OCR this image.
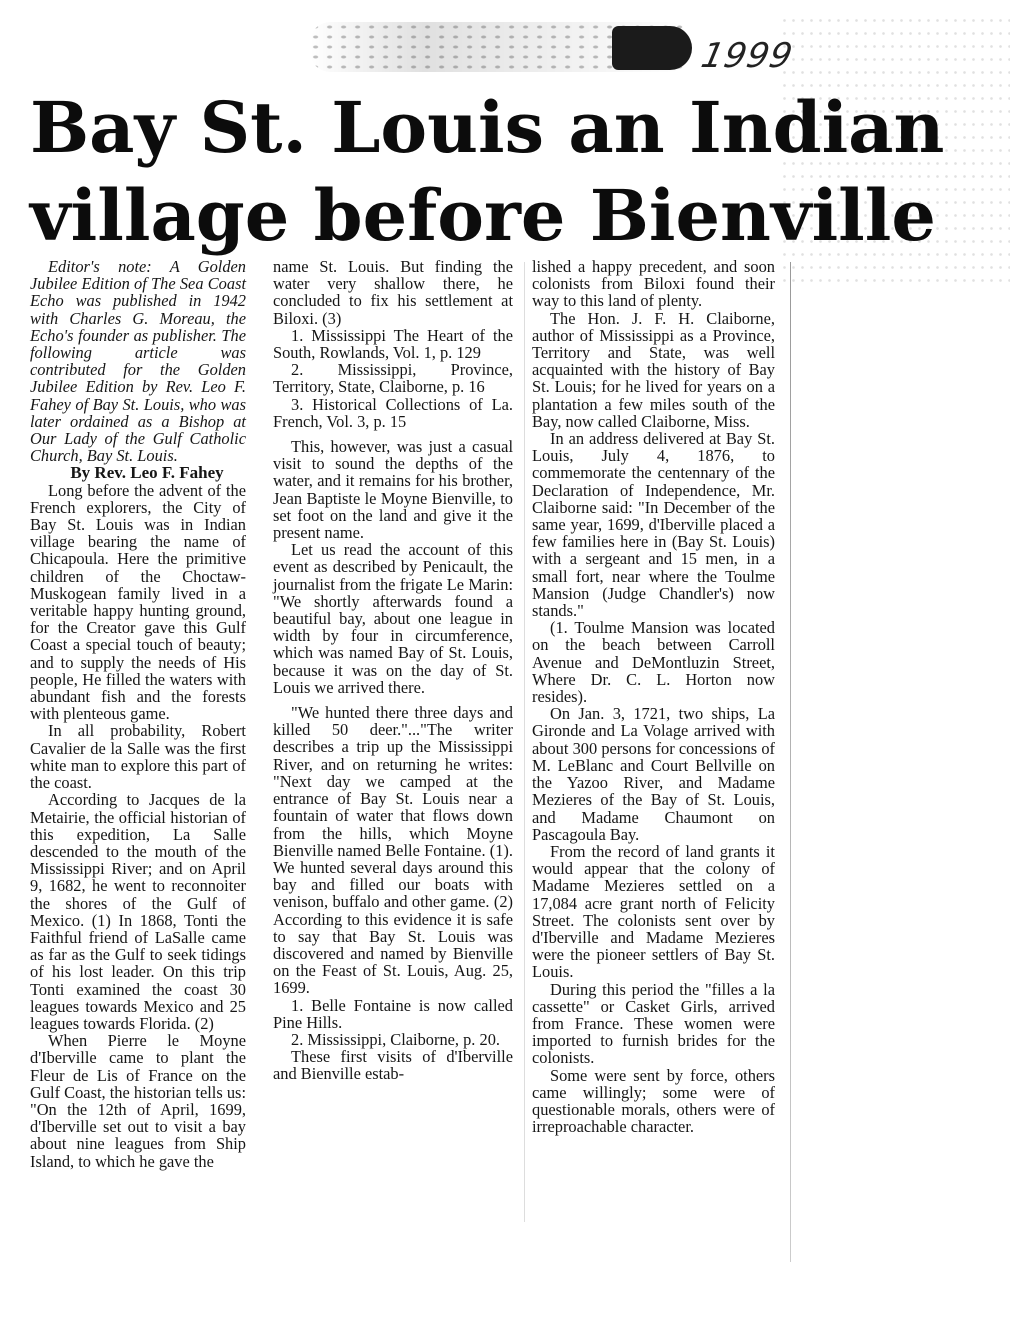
1999
Bay St. Louis an Indian
village before Bienville

Editor's note: A Golden Jubilee Edition of The Sea Coast Echo was published in 1942 with Charles G. Moreau, the Echo's founder as publisher. The following article was contributed for the Golden Jubilee Edition by Rev. Leo F. Fahey of Bay St. Louis, who was later ordained as a Bishop at Our Lady of the Gulf Catholic Church, Bay St. Louis.

By Rev. Leo F. Fahey

Long before the advent of the French explorers, the City of Bay St. Louis was in Indian village bearing the name of Chicapoula. Here the primitive children of the Choctaw-Muskogean family lived in a veritable happy hunting ground, for the Creator gave this Gulf Coast a special touch of beauty; and to supply the needs of His people, He filled the waters with abundant fish and the forests with plenteous game.

In all probability, Robert Cavalier de la Salle was the first white man to explore this part of the coast.

According to Jacques de la Metairie, the official historian of this expedition, La Salle descended to the mouth of the Mississippi River; and on April 9, 1682, he went to reconnoiter the shores of the Gulf of Mexico. (1) In 1868, Tonti the Faithful friend of LaSalle came as far as the Gulf to seek tidings of his lost leader. On this trip Tonti examined the coast 30 leagues towards Mexico and 25 leagues towards Florida. (2)

When Pierre le Moyne d'Iberville came to plant the Fleur de Lis of France on the Gulf Coast, the historian tells us: "On the 12th of April, 1699, d'Iberville set out to visit a bay about nine leagues from Ship Island, to which he gave the

name St. Louis. But finding the water very shallow there, he concluded to fix his settlement at Biloxi. (3)

1. Mississippi The Heart of the South, Rowlands, Vol. 1, p. 129

2. Mississippi, Province, Territory, State, Claiborne, p. 16

3. Historical Collections of La. French, Vol. 3, p. 15

This, however, was just a casual visit to sound the depths of the water, and it remains for his brother, Jean Baptiste le Moyne Bienville, to set foot on the land and give it the present name.

Let us read the account of this event as described by Penicault, the journalist from the frigate Le Marin: "We shortly afterwards found a beautiful bay, about one league in width by four in circumference, which was named Bay of St. Louis, because it was on the day of St. Louis we arrived there.

"We hunted there three days and killed 50 deer."..."The writer describes a trip up the Mississippi River, and on returning he writes: "Next day we camped at the entrance of Bay St. Louis near a fountain of water that flows down from the hills, which Moyne Bienville named Belle Fontaine. (1). We hunted several days around this bay and filled our boats with venison, buffalo and other game. (2) According to this evidence it is safe to say that Bay St. Louis was discovered and named by Bienville on the Feast of St. Louis, Aug. 25, 1699.

1. Belle Fontaine is now called Pine Hills.

2. Mississippi, Claiborne, p. 20.

These first visits of d'Iberville and Bienville estab-

lished a happy precedent, and soon colonists from Biloxi found their way to this land of plenty.

The Hon. J. F. H. Claiborne, author of Mississippi as a Province, Territory and State, was well acquainted with the history of Bay St. Louis; for he lived for years on a plantation a few miles south of the Bay, now called Claiborne, Miss.

In an address delivered at Bay St. Louis, July 4, 1876, to commemorate the centennary of the Declaration of Independence, Mr. Claiborne said: "In December of the same year, 1699, d'Iberville placed a few families here in (Bay St. Louis) with a sergeant and 15 men, in a small fort, near where the Toulme Mansion (Judge Chandler's) now stands."

(1. Toulme Mansion was located on the beach between Carroll Avenue and DeMontluzin Street, Where Dr. C. L. Horton now resides).

On Jan. 3, 1721, two ships, La Gironde and La Volage arrived with about 300 persons for concessions of M. LeBlanc and Court Bellville on the Yazoo River, and Madame Mezieres of the Bay of St. Louis, and Madame Chaumont on Pascagoula Bay.

From the record of land grants it would appear that the colony of Madame Mezieres settled on a 17,084 acre grant north of Felicity Street. The colonists sent over by d'Iberville and Madame Mezieres were the pioneer settlers of Bay St. Louis.

During this period the "filles a la cassette" or Casket Girls, arrived from France. These women were imported to furnish brides for the colonists.

Some were sent by force, others came willingly; some were of questionable morals, others were of irreproachable character.
